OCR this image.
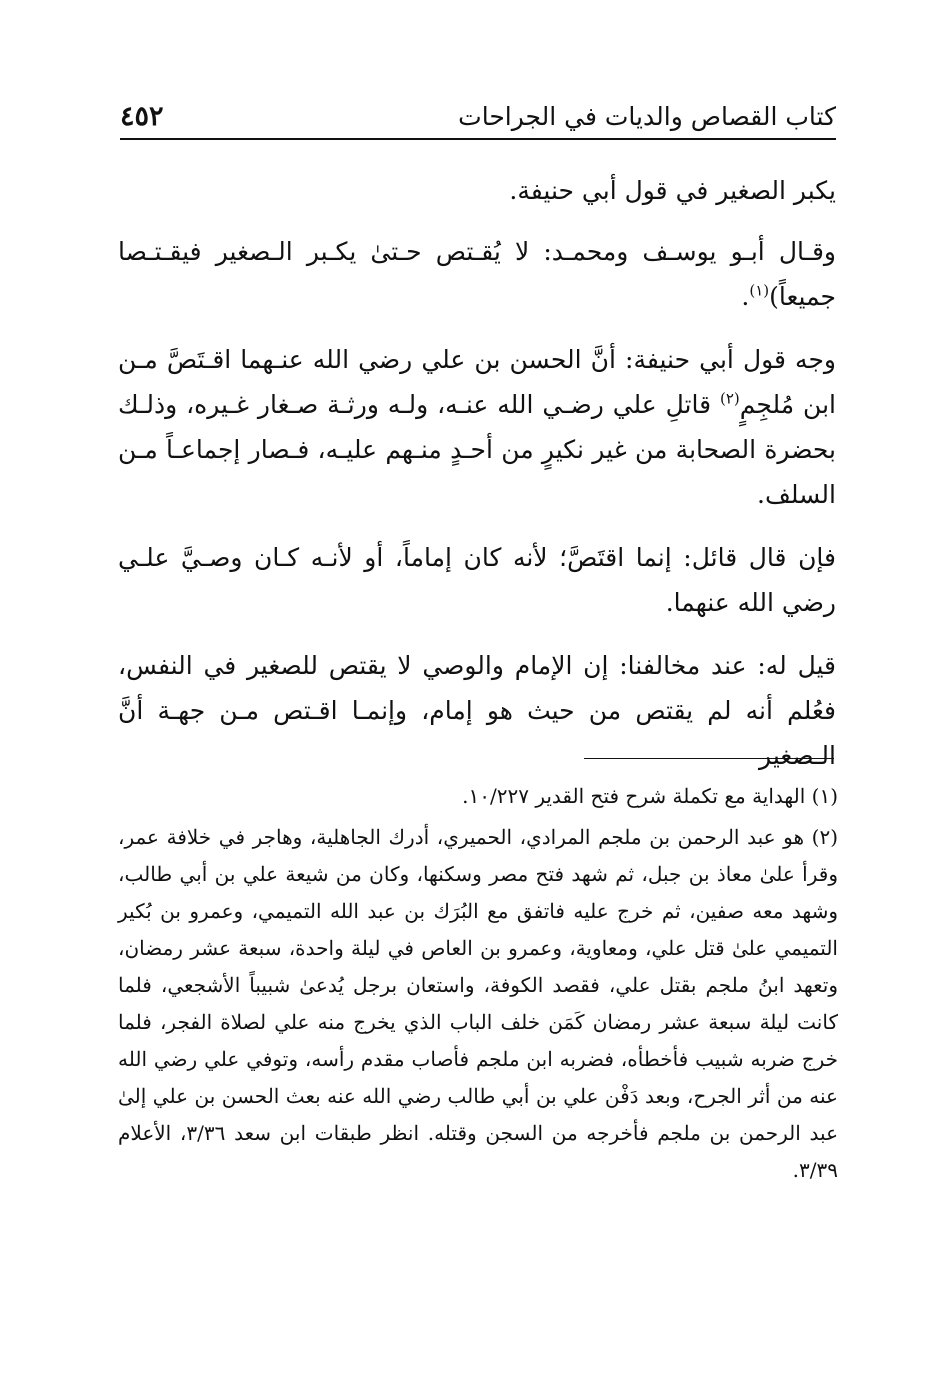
كتاب القصاص والديات في الجراحات
٤٥٢

يكبر الصغير في قول أبي حنيفة.

وقـال أبـو يوسـف ومحمـد: لا يُقـتص حـتىٰ يكـبر الـصغير فيقـتـصا جميعاً)$^{(١)}$.

وجه قول أبي حنيفة: أنَّ الحسن بن علي رضي الله عنـهما اقـتَصَّ مـن ابن مُلجِمٍ$^{(٢)}$ قاتلِ علي رضـي الله عنـه، ولـه ورثـة صـغار غـيره، وذلـك بحضرة الصحابة من غير نكيرٍ من أحـدٍ منـهم عليـه، فـصار إجماعـاً مـن السلف.

فإن قال قائل: إنما اقتَصَّ؛ لأنه كان إماماً، أو لأنـه كـان وصـيَّ علـي رضي الله عنهما.

قيل له: عند مخالفنا: إن الإمام والوصي لا يقتص للصغير في النفس، فعُلم أنه لم يقتص من حيث هو إمام، وإنمـا اقـتص مـن جهـة أنَّ الـصغير

(١) الهداية مع تكملة شرح فتح القدير ١٠/٢٢٧.

(٢) هو عبد الرحمن بن ملجم المرادي، الحميري، أدرك الجاهلية، وهاجر في خلافة عمر، وقرأ علىٰ معاذ بن جبل، ثم شهد فتح مصر وسكنها، وكان من شيعة علي بن أبي طالب، وشهد معه صفين، ثم خرج عليه فاتفق مع البُرَك بن عبد الله التميمي، وعمرو بن بُكير التميمي علىٰ قتل علي، ومعاوية، وعمرو بن العاص في ليلة واحدة، سبعة عشر رمضان، وتعهد ابنُ ملجم بقتل علي، فقصد الكوفة، واستعان برجل يُدعىٰ شبيباً الأشجعي، فلما كانت ليلة سبعة عشر رمضان كَمَن خلف الباب الذي يخرج منه علي لصلاة الفجر، فلما خرج ضربه شبيب فأخطأه، فضربه ابن ملجم فأصاب مقدم رأسه، وتوفي علي رضي الله عنه من أثر الجرح، وبعد دَفْن علي بن أبي طالب رضي الله عنه بعث الحسن بن علي إلىٰ عبد الرحمن بن ملجم فأخرجه من السجن وقتله. انظر طبقات ابن سعد ٣/٣٦، الأعلام ٣/٣٩.
